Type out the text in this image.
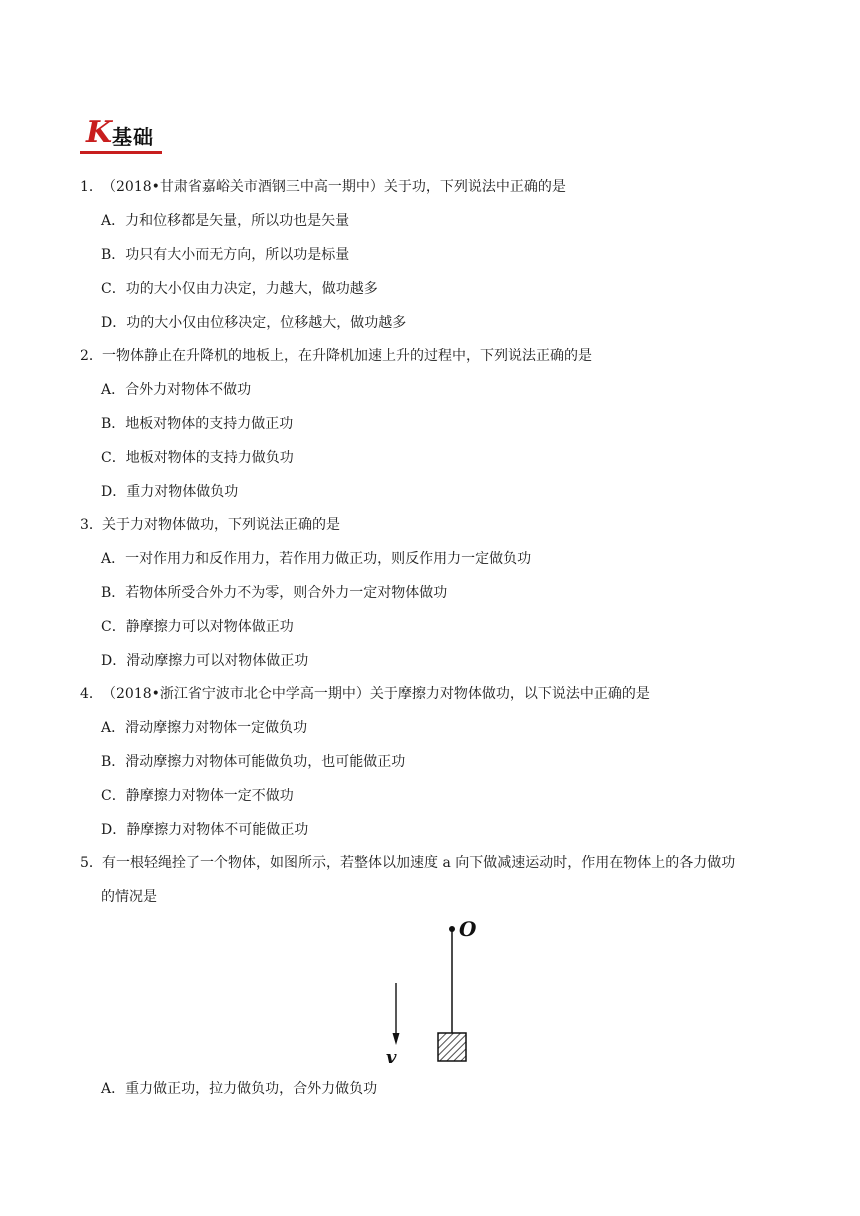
K 基础
1．（2018•甘肃省嘉峪关市酒钢三中高一期中）关于功，下列说法中正确的是
A．力和位移都是矢量，所以功也是矢量
B．功只有大小而无方向，所以功是标量
C．功的大小仅由力决定，力越大，做功越多
D．功的大小仅由位移决定，位移越大，做功越多
2．一物体静止在升降机的地板上，在升降机加速上升的过程中，下列说法正确的是
A．合外力对物体不做功
B．地板对物体的支持力做正功
C．地板对物体的支持力做负功
D．重力对物体做负功
3．关于力对物体做功，下列说法正确的是
A．一对作用力和反作用力，若作用力做正功，则反作用力一定做负功
B．若物体所受合外力不为零，则合外力一定对物体做功
C．静摩擦力可以对物体做正功
D．滑动摩擦力可以对物体做正功
4．（2018•浙江省宁波市北仑中学高一期中）关于摩擦力对物体做功，以下说法中正确的是
A．滑动摩擦力对物体一定做负功
B．滑动摩擦力对物体可能做负功，也可能做正功
C．静摩擦力对物体一定不做功
D．静摩擦力对物体不可能做正功
5．有一根轻绳拴了一个物体，如图所示，若整体以加速度 a 向下做减速运动时，作用在物体上的各力做功
的情况是
O
v
A．重力做正功，拉力做负功，合外力做负功
